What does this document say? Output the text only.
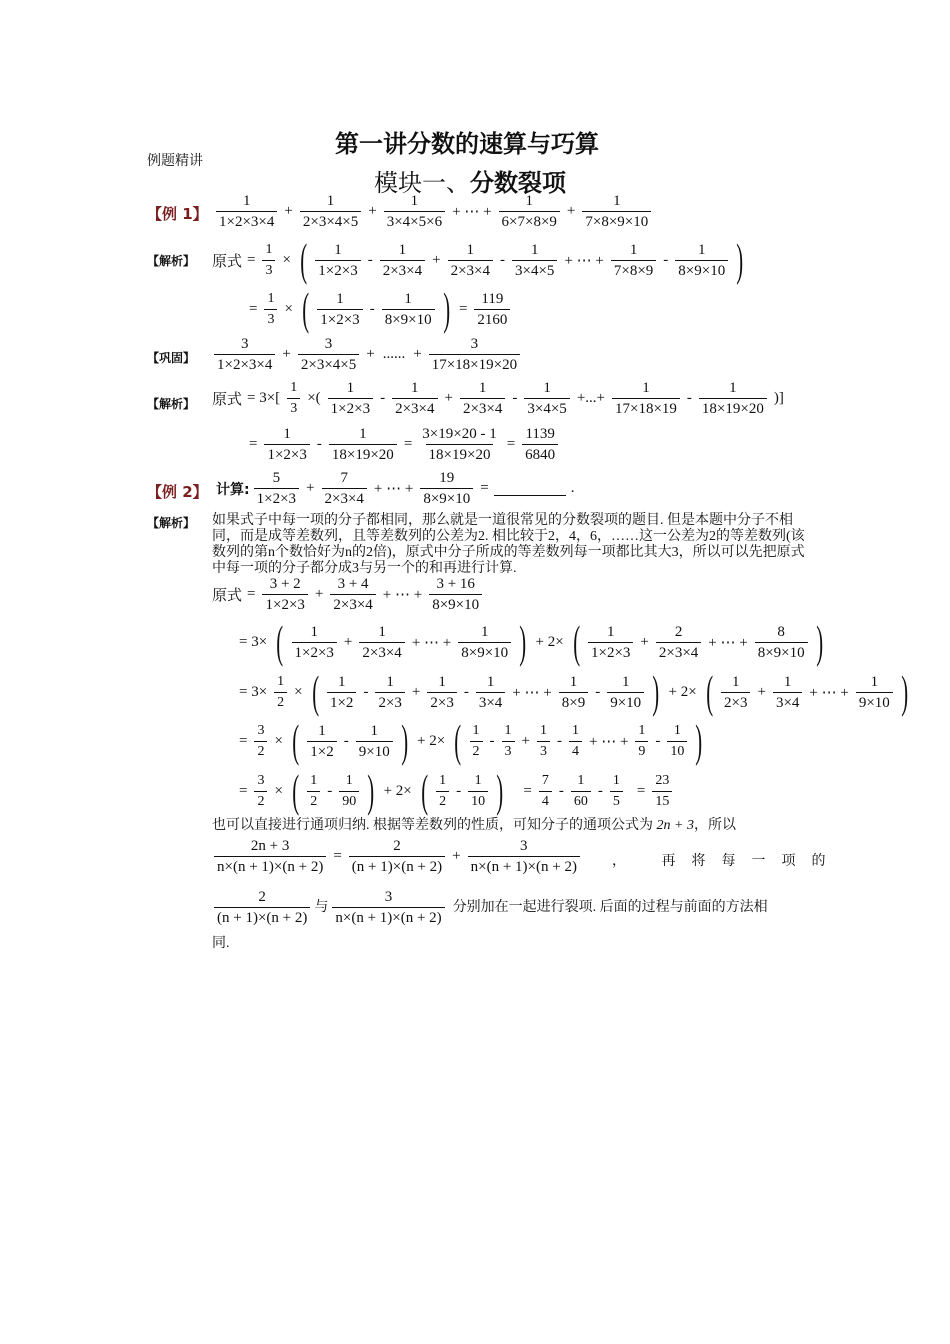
第一讲分数的速算与巧算
例题精讲
模块一、分数裂项
【例 1】
1
1×2×3×4
+ $\frac{1}{2\times 3\times 4\times 5} + \frac{1}{3\times 4\times 5\times 6}$ + ⋯ + $\frac{1}{6\times 7\times 8\times 9} + \frac{1}{7\times 8\times 9\times 10}$
【解析】 原式 = $\frac{1}{3}$ × ( 1
1×2×3
-
1
2×3×4
+ $\frac{1}{2\times 3\times 4}$ -
1
3×4×5
+ ⋯ + $\frac{1}{7\times 8\times 9}$ -
1
8×9×10 )
= $\frac{1}{3}$ × ( 1
1×2×3
-
1
8×9×10 ) = $\frac{119}{2160}$
【巩固】
3
1×2×3×4
+ $\frac{3}{2\times 3\times 4\times 5}$ + ...... + $\frac{3}{17\times 18\times 19\times 20}$
【解析】 原式 = $3\times[ \frac{1}{3}$ ×(
1
1×2×3
-
1
2×3×4
+ $\frac{1}{2\times 3\times 4}$ -
1
3×4×5
+...+ $\frac{1}{17\times 18\times 19}$ -
1
18×19×20
)]
= $\frac{1}{1\times 2\times 3} - \frac{1}{18\times 19\times 20} = \frac{3\times 19\times 20 - 1}{18\times 19\times 20} = \frac{1139}{6840}$
【例 2】 计算:
5
1×2×3
+ $\frac{7}{2\times 3\times 4}$ + ⋯ + $\frac{19}{8\times 9\times 10}$ =	.
【解析】 如果式子中每一项的分子都相同，那么就是一道很常见的分数裂项的题目. 但是本题中分子不相同，而是成等差数列，且等差数列的公差为2. 相比较于2，4，6，……这一公差为2的等差数列(该数列的第n个数恰好为n的2倍)，原式中分子所成的等差数列每一项都比其大3，所以可以先把原式中每一项的分子都分成3与另一个的和再进行计算.
原式 = $\frac{3 + 2}{1\times 2\times 3} + \frac{3 + 4}{2\times 3\times 4}$ + ⋯ + $\frac{3 + 16}{8\times 9\times 10}$
= 3× ( 1
1×2×3
+ $\frac{1}{2\times 3\times 4}$ + ⋯ + $\frac{1}{8\times 9\times 10}$ ) + 2× ( 1
1×2×3
+ $\frac{2}{2\times 3\times 4}$ + ⋯ + $\frac{8}{8\times 9\times 10}$ )
= $3\times \frac{1}{2}$ × ( 1
1×2
-
1
2×3
+ $\frac{1}{2\times 3}$ -
1
3×4
+ ⋯ + $\frac{1}{8\times 9}$ -
1
9×10 ) + 2× ( 1
2×3
+ $\frac{1}{3\times 4}$ + ⋯ + $\frac{1}{9\times 10}$ )
= $\frac{3}{2}$ × ( 1
1×2
-
1
9×10 ) + 2× ( 1
2
-
1
3
+ $\frac{1}{3}$ -
1
4
+ ⋯ + $\frac{1}{9}$ -
1
10 )
= $\frac{3}{2}$ × ( 1
2
-
1
90 ) + 2× ( 1
2
-
1
10 )	= $\frac{7}{4}$ -
1
60
- $\frac{1}{5} = \frac{23}{15}$
也可以直接进行通项归纳. 根据等差数列的性质，可知分子的通项公式为 2n + 3，所以
$\frac{2n + 3}{n\times(n + 1)\times(n + 2)} = \frac{2}{(n + 1)\times(n + 2)} + \frac{3}{n\times(n + 1)\times(n + 2)}$ ， 再将每一项的
2
(n + 1)×(n + 2)
与
3
n×(n + 1)×(n + 2)
分别加在一起进行裂项. 后面的过程与前面的方法相
同.
